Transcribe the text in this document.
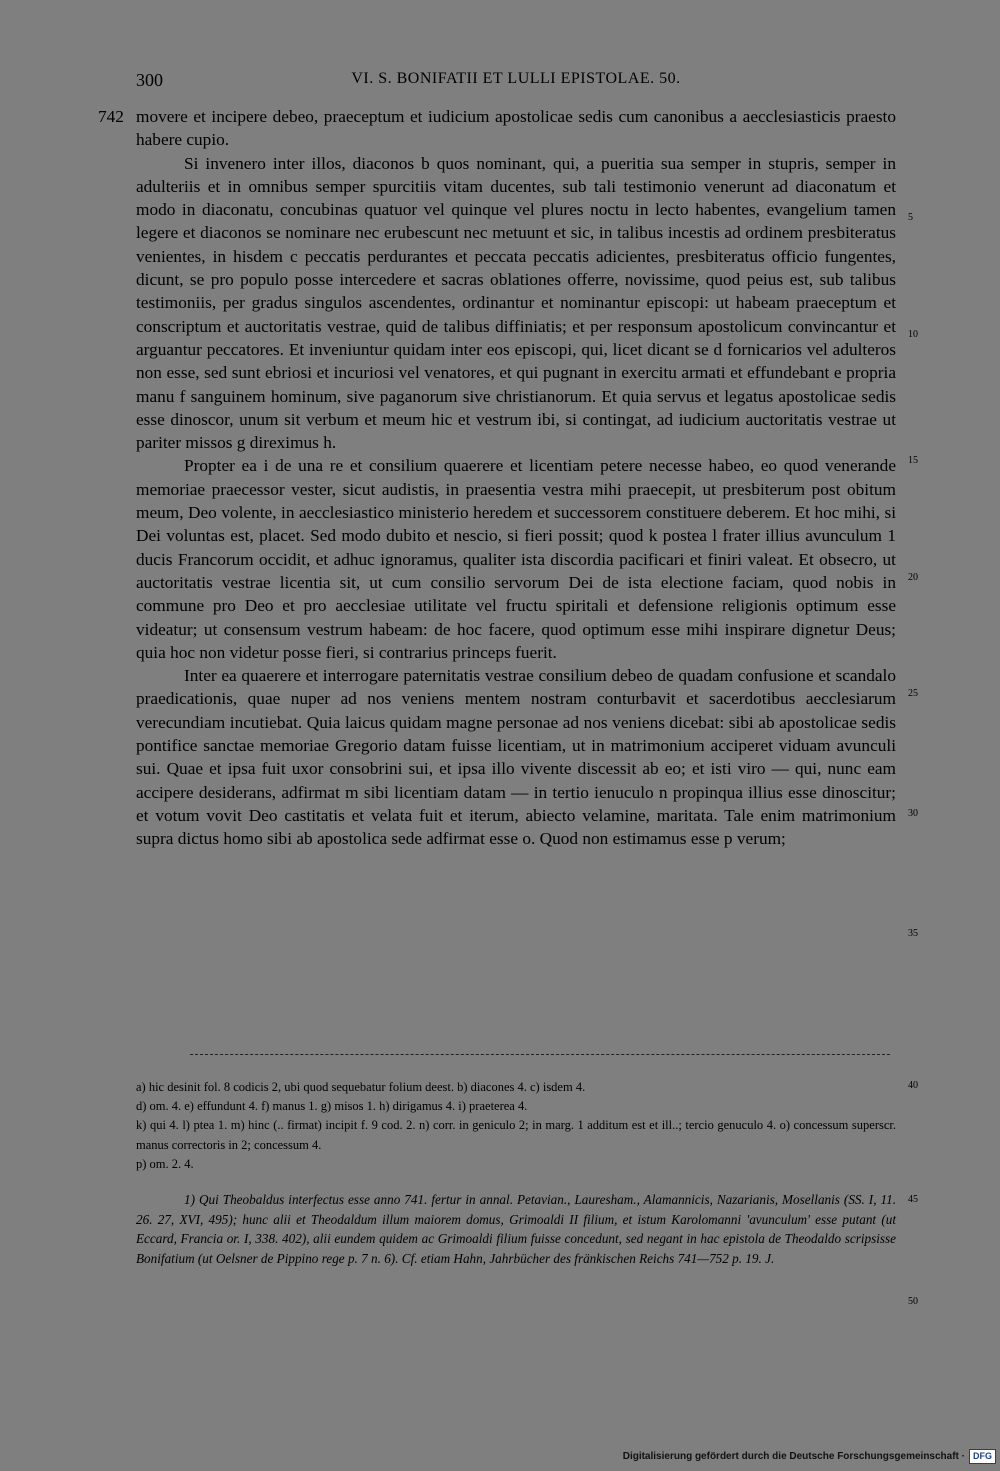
300	VI. S. BONIFATII ET LULLI EPISTOLAE. 50.
742 movere et incipere debeo, praeceptum et iudicium apostolicae sedis cum canonibus a aecclesiasticis praesto habere cupio.

Si invenero inter illos, diaconos b quos nominant, qui, a pueritia sua semper in stupris, semper in adulteriis et in omnibus semper spurcitiis vitam ducentes, sub tali testimonio venerunt ad diaconatum et modo in diaconatu, concubinas quatuor vel quinque vel plures noctu in lecto habentes, evangelium tamen legere et diaconos se nominare nec erubescunt nec metuunt et sic, in talibus incestis ad ordinem presbiteratus venientes, in hisdem c peccatis perdurantes et peccata peccatis adicientes, presbiteratus officio fungentes, dicunt, se pro populo posse intercedere et sacras oblationes offerre, novissime, quod peius est, sub talibus testimoniis, per gradus singulos ascendentes, ordinantur et nominantur episcopi: ut habeam praeceptum et conscriptum et auctoritatis vestrae, quid de talibus diffiniatis; et per responsum apostolicum convincantur et arguantur peccatores. Et inveniuntur quidam inter eos episcopi, qui, licet dicant se d fornicarios vel adulteros non esse, sed sunt ebriosi et incuriosi vel venatores, et qui pugnant in exercitu armati et effundebant e propria manu f sanguinem hominum, sive paganorum sive christianorum. Et quia servus et legatus apostolicae sedis esse dinoscor, unum sit verbum et meum hic et vestrum ibi, si contingat, ad iudicium auctoritatis vestrae ut pariter missos g direximus h.

Propter ea i de una re et consilium quaerere et licentiam petere necesse habeo, eo quod venerande memoriae praecessor vester, sicut audistis, in praesentia vestra mihi praecepit, ut presbiterum post obitum meum, Deo volente, in aecclesiastico ministerio heredem et successorem constituere deberem. Et hoc mihi, si Dei voluntas est, placet. Sed modo dubito et nescio, si fieri possit; quod k postea l frater illius avunculum 1 ducis Francorum occidit, et adhuc ignoramus, qualiter ista discordia pacificari et finiri valeat. Et obsecro, ut auctoritatis vestrae licentia sit, ut cum consilio servorum Dei de ista electione faciam, quod nobis in commune pro Deo et pro aecclesiae utilitate vel fructu spiritali et defensione religionis optimum esse videatur; ut consensum vestrum habeam: de hoc facere, quod optimum esse mihi inspirare dignetur Deus; quia hoc non videtur posse fieri, si contrarius princeps fuerit.

Inter ea quaerere et interrogare paternitatis vestrae consilium debeo de quadam confusione et scandalo praedicationis, quae nuper ad nos veniens mentem nostram conturbavit et sacerdotibus aecclesiarum verecundiam incutiebat. Quia laicus quidam magne personae ad nos veniens dicebat: sibi ab apostolicae sedis pontifice sanctae memoriae Gregorio datam fuisse licentiam, ut in matrimonium acciperet viduam avunculi sui. Quae et ipsa fuit uxor consobrini sui, et ipsa illo vivente discessit ab eo; et isti viro — qui, nunc eam accipere desiderans, adfirmat m sibi licentiam datam — in tertio ienuculo n propinqua illius esse dinoscitur; et votum vovit Deo castitatis et velata fuit et iterum, abiecto velamine, maritata. Tale enim matrimonium supra dictus homo sibi ab apostolica sede adfirmat esse o. Quod non estimamus esse p verum;

5
10
15
20
25
30
35
40
45
50

a) hic desinit fol. 8 codicis 2, ubi quod sequebatur folium deest. b) diacones 4. c) isdem 4.

d) om. 4. e) effundunt 4. f) manus 1. g) misos 1. h) dirigamus 4. i) praeterea 4.

k) qui 4. l) ptea 1. m) hinc (.. firmat) incipit f. 9 cod. 2. n) corr. in geniculo 2; in marg. 1 additum est et ill..; tercio genuculo 4. o) concessum superscr. manus correctoris in 2; concessum 4.

p) om. 2. 4.

1) Qui Theobaldus interfectus esse anno 741. fertur in annal. Petavian., Lauresham., Alamannicis, Nazarianis, Mosellanis (SS. I, 11. 26. 27, XVI, 495); hunc alii et Theodaldum illum maiorem domus, Grimoaldi II filium, et istum Karolomanni 'avunculum' esse putant (ut Eccard, Francia or. I, 338. 402), alii eundem quidem ac Grimoaldi filium fuisse concedunt, sed negant in hac epistola de Theodaldo scripsisse Bonifatium (ut Oelsner de Pippino rege p. 7 n. 6). Cf. etiam Hahn, Jahrbücher des fränkischen Reichs 741—752 p. 19. J.

Digitalisierung gefördert durch die Deutsche Forschungsgemeinschaft · DFG
